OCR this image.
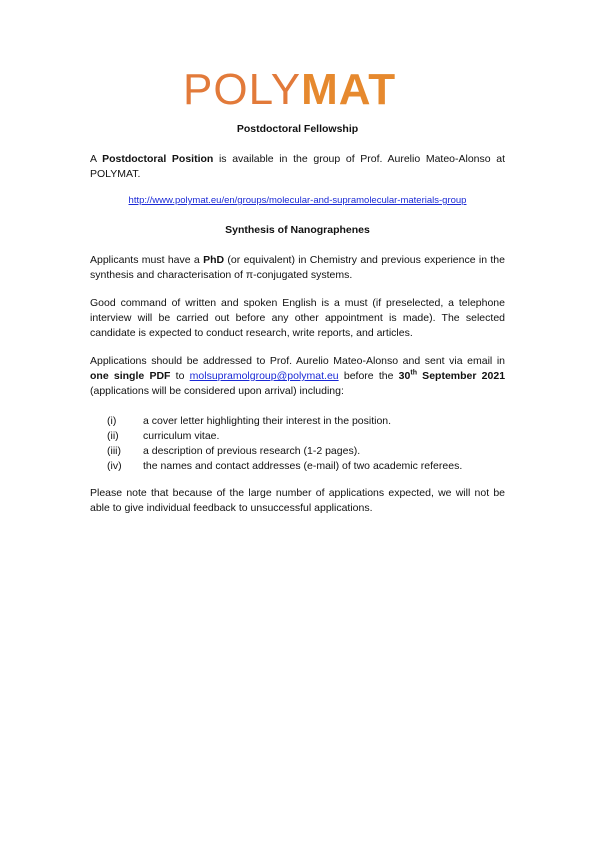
POLY MAT
Postdoctoral Fellowship
A Postdoctoral Position is available in the group of Prof. Aurelio Mateo-Alonso at POLYMAT.
http://www.polymat.eu/en/groups/molecular-and-supramolecular-materials-group
Synthesis of Nanographenes
Applicants must have a PhD (or equivalent) in Chemistry and previous experience in the synthesis and characterisation of π-conjugated systems.
Good command of written and spoken English is a must (if preselected, a telephone interview will be carried out before any other appointment is made). The selected candidate is expected to conduct research, write reports, and articles.
Applications should be addressed to Prof. Aurelio Mateo-Alonso and sent via email in one single PDF to molsupramolgroup@polymat.eu before the 30th September 2021 (applications will be considered upon arrival) including:
(i)	a cover letter highlighting their interest in the position.
(ii)	curriculum vitae.
(iii)	a description of previous research (1-2 pages).
(iv)	the names and contact addresses (e-mail) of two academic referees.
Please note that because of the large number of applications expected, we will not be able to give individual feedback to unsuccessful applications.
